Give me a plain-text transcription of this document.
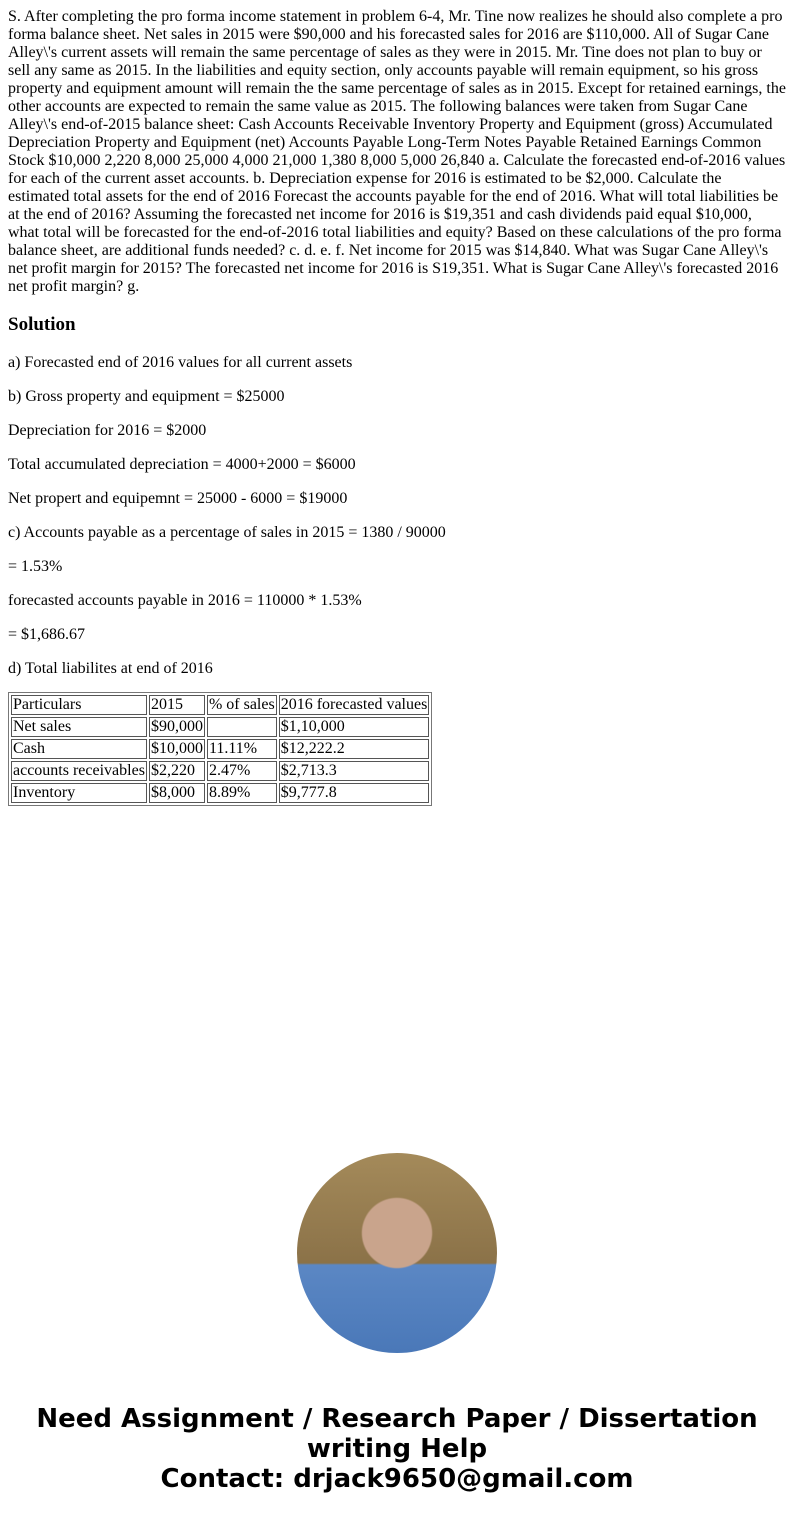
S. After completing the pro forma income statement in problem 6-4, Mr. Tine now realizes he should also complete a pro forma balance sheet. Net sales in 2015 were $90,000 and his forecasted sales for 2016 are $110,000. All of Sugar Cane Alley\'s current assets will remain the same percentage of sales as they were in 2015. Mr. Tine does not plan to buy or sell any same as 2015. In the liabilities and equity section, only accounts payable will remain equipment, so his gross property and equipment amount will remain the the same percentage of sales as in 2015. Except for retained earnings, the other accounts are expected to remain the same value as 2015. The following balances were taken from Sugar Cane Alley\'s end-of-2015 balance sheet: Cash Accounts Receivable Inventory Property and Equipment (gross) Accumulated Depreciation Property and Equipment (net) Accounts Payable Long-Term Notes Payable Retained Earnings Common Stock $10,000 2,220 8,000 25,000 4,000 21,000 1,380 8,000 5,000 26,840 a. Calculate the forecasted end-of-2016 values for each of the current asset accounts. b. Depreciation expense for 2016 is estimated to be $2,000. Calculate the estimated total assets for the end of 2016 Forecast the accounts payable for the end of 2016. What will total liabilities be at the end of 2016? Assuming the forecasted net income for 2016 is $19,351 and cash dividends paid equal $10,000, what total will be forecasted for the end-of-2016 total liabilities and equity? Based on these calculations of the pro forma balance sheet, are additional funds needed? c. d. e. f. Net income for 2015 was $14,840. What was Sugar Cane Alley\'s net profit margin for 2015? The forecasted net income for 2016 is S19,351. What is Sugar Cane Alley\'s forecasted 2016 net profit margin? g.

Solution

a) Forecasted end of 2016 values for all current assets

b) Gross property and equipment = $25000

Depreciation for 2016 = $2000

Total accumulated depreciation = 4000+2000 = $6000

Net propert and equipemnt = 25000 - 6000 = $19000

c) Accounts payable as a percentage of sales in 2015 = 1380 / 90000

= 1.53%

forecasted accounts payable in 2016 = 110000 * 1.53%

= $1,686.67

d) Total liabilites at end of 2016

Particulars	2015	% of sales	2016 forecasted values
Net sales	$90,000		$1,10,000
Cash	$10,000	11.11%	$12,222.2
accounts receivables	$2,220	2.47%	$2,713.3
Inventory	$8,000	8.89%	$9,777.8
Need Assignment / Research Paper / Dissertation
writing Help
Contact: drjack9650@gmail.com
